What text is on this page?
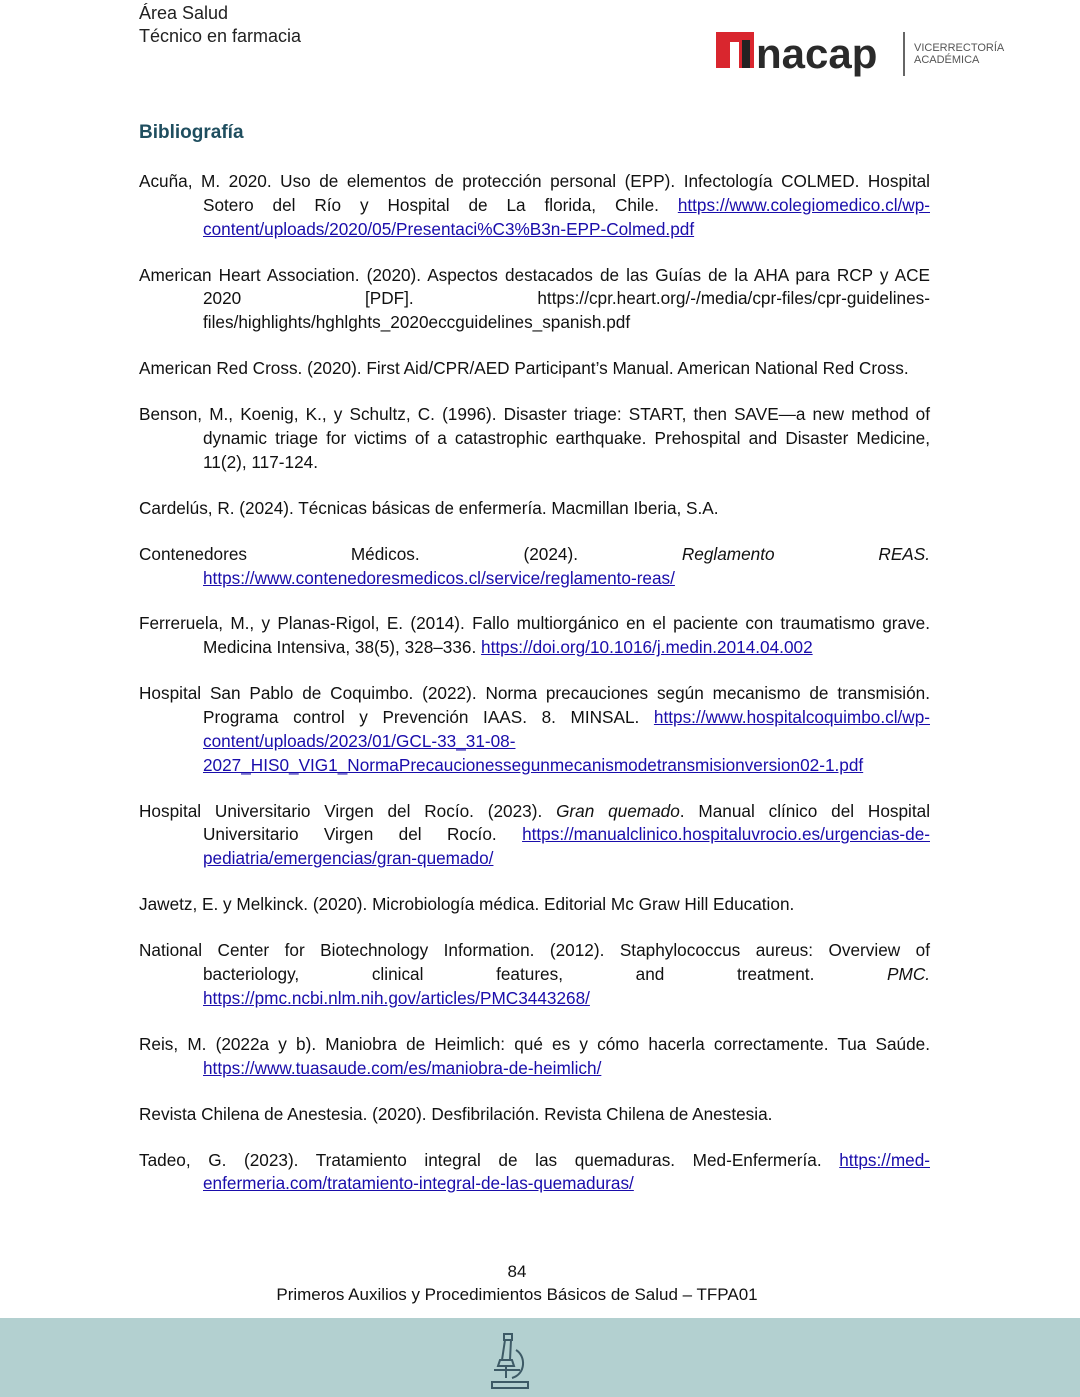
Área Salud
Técnico en farmacia	nacap	VICERRECTORÍA
ACADÉMICA
Bibliografía

Acuña, M. 2020. Uso de elementos de protección personal (EPP). Infectología COLMED. Hospital Sotero del Río y Hospital de La florida, Chile. https://www.colegiomedico.cl/wp-content/uploads/2020/05/Presentaci%C3%B3n-EPP-Colmed.pdf

American Heart Association. (2020). Aspectos destacados de las Guías de la AHA para RCP y ACE 2020 [PDF]. https://cpr.heart.org/-/media/cpr-files/cpr-guidelines-files/highlights/hghlghts_2020eccguidelines_spanish.pdf

American Red Cross. (2020). First Aid/CPR/AED Participant’s Manual. American National Red Cross.

Benson, M., Koenig, K., y Schultz, C. (1996). Disaster triage: START, then SAVE—a new method of dynamic triage for victims of a catastrophic earthquake. Prehospital and Disaster Medicine, 11(2), 117-124.

Cardelús, R. (2024). Técnicas básicas de enfermería. Macmillan Iberia, S.A.

Contenedores Médicos. (2024). Reglamento REAS. https://www.contenedoresmedicos.cl/service/reglamento-reas/

Ferreruela, M., y Planas-Rigol, E. (2014). Fallo multiorgánico en el paciente con traumatismo grave. Medicina Intensiva, 38(5), 328–336. https://doi.org/10.1016/j.medin.2014.04.002

Hospital San Pablo de Coquimbo. (2022). Norma precauciones según mecanismo de transmisión. Programa control y Prevención IAAS. 8. MINSAL. https://www.hospitalcoquimbo.cl/wp-content/uploads/2023/01/GCL-33_31-08-2027_HIS0_VIG1_NormaPrecaucionessegunmecanismodetransmisionversion02-1.pdf

Hospital Universitario Virgen del Rocío. (2023). Gran quemado. Manual clínico del Hospital Universitario Virgen del Rocío. https://manualclinico.hospitaluvrocio.es/urgencias-de-pediatria/emergencias/gran-quemado/

Jawetz, E. y Melkinck. (2020). Microbiología médica. Editorial Mc Graw Hill Education.

National Center for Biotechnology Information. (2012). Staphylococcus aureus: Overview of bacteriology, clinical features, and treatment. PMC. https://pmc.ncbi.nlm.nih.gov/articles/PMC3443268/

Reis, M. (2022a y b). Maniobra de Heimlich: qué es y cómo hacerla correctamente. Tua Saúde. https://www.tuasaude.com/es/maniobra-de-heimlich/

Revista Chilena de Anestesia. (2020). Desfibrilación. Revista Chilena de Anestesia.

Tadeo, G. (2023). Tratamiento integral de las quemaduras. Med-Enfermería. https://med-enfermeria.com/tratamiento-integral-de-las-quemaduras/

84
Primeros Auxilios y Procedimientos Básicos de Salud – TFPA01
